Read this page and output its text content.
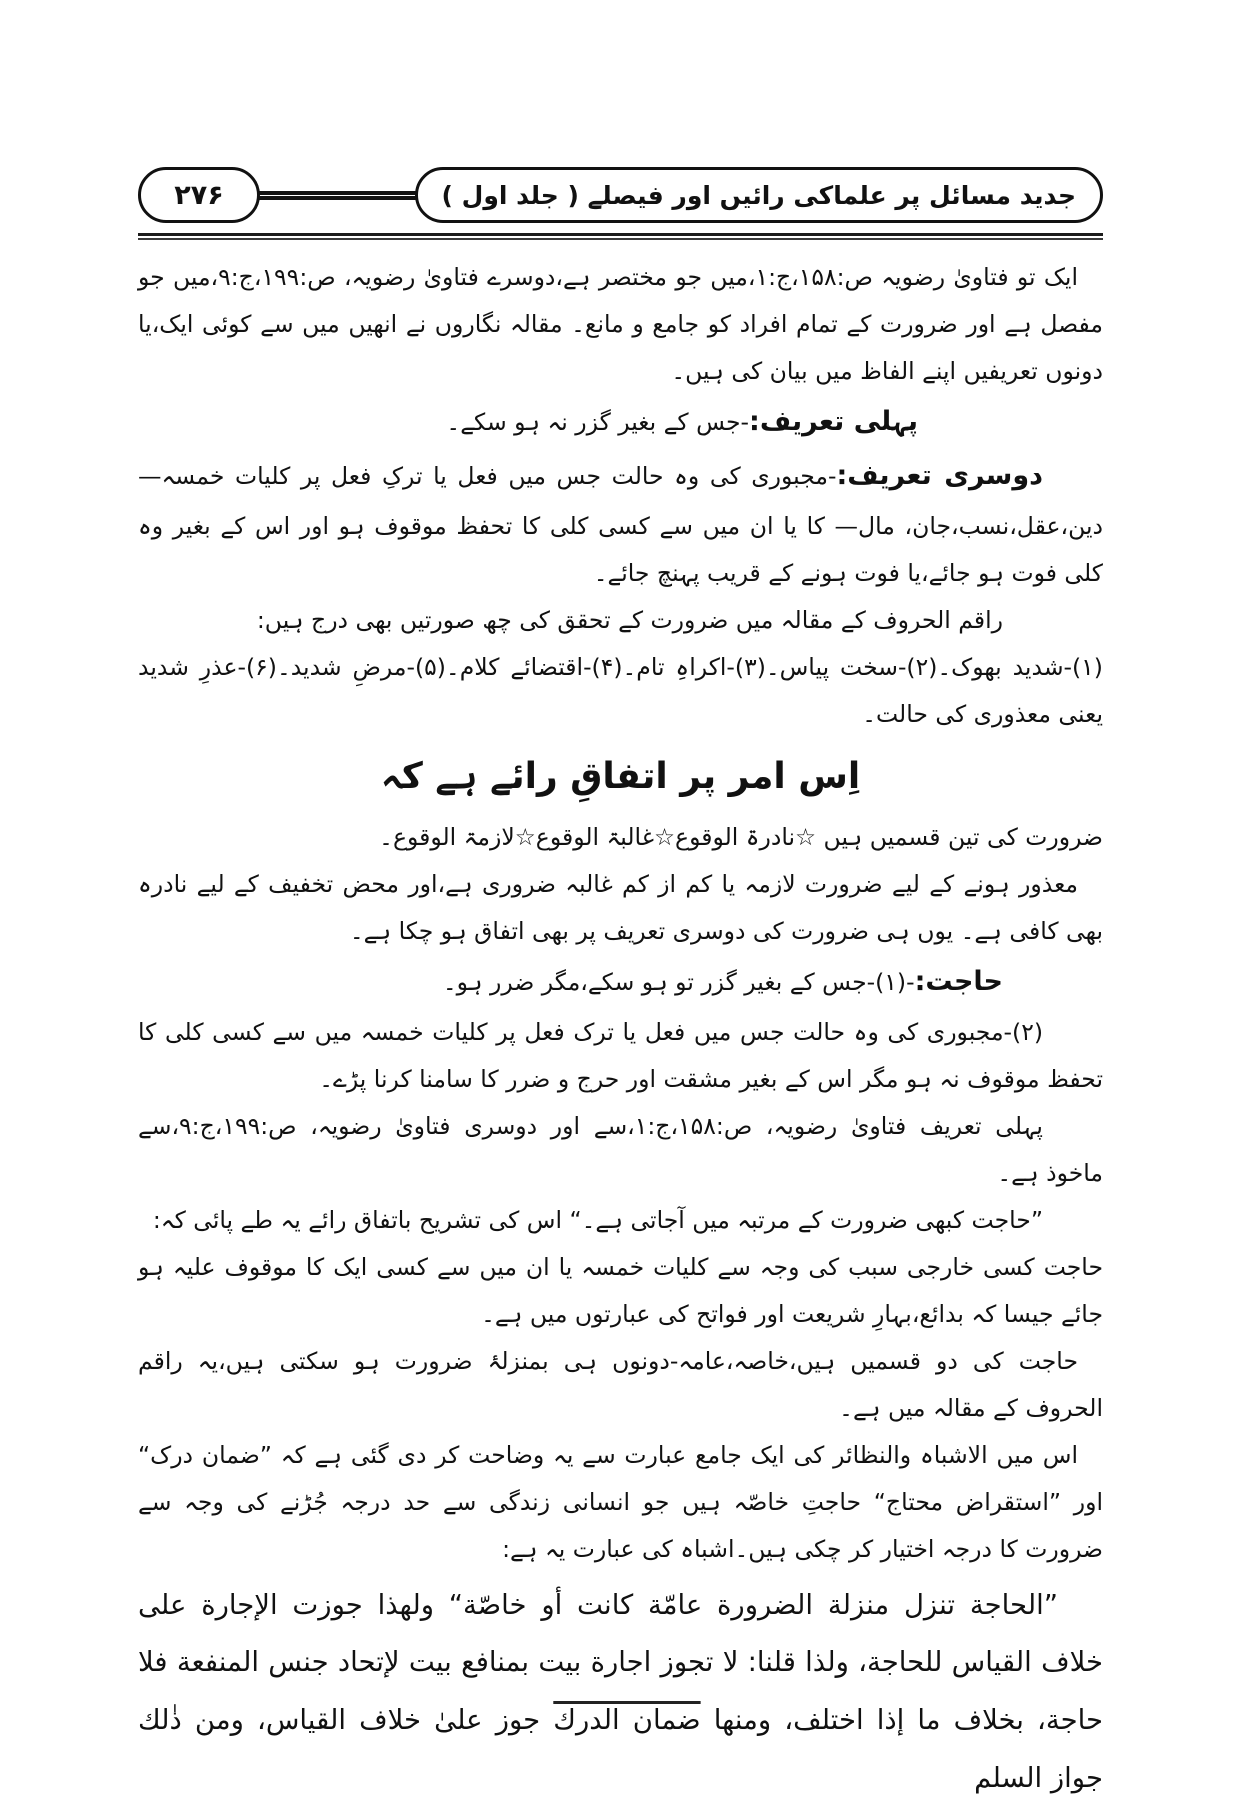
۲۷۶	جدید مسائل پر علماکی رائیں اور فیصلے ( جلد اول )

ایک تو فتاویٰ رضویہ ص:۱۵۸،ج:۱،میں جو مختصر ہے،دوسرے فتاویٰ رضویہ، ص:۱۹۹،ج:۹،میں جو مفصل ہے اور ضرورت کے تمام افراد کو جامع و مانع۔ مقالہ نگاروں نے انھیں میں سے کوئی ایک،یا دونوں تعریفیں اپنے الفاظ میں بیان کی ہیں۔

پہلی تعریف:-جس کے بغیر گزر نہ ہو سکے۔

دوسری تعریف:-مجبوری کی وہ حالت جس میں فعل یا ترکِ فعل پر کلیات خمسہ— دین،عقل،نسب،جان، مال— کا یا ان میں سے کسی کلی کا تحفظ موقوف ہو اور اس کے بغیر وہ کلی فوت ہو جائے،یا فوت ہونے کے قریب پہنچ جائے۔

راقم الحروف کے مقالہ میں ضرورت کے تحقق کی چھ صورتیں بھی درج ہیں:

(۱)-شدید بھوک۔(۲)-سخت پیاس۔(۳)-اکراہِ تام۔(۴)-اقتضائے کلام۔(۵)-مرضِ شدید۔(۶)-عذرِ شدید یعنی معذوری کی حالت۔

اِس امر پر اتفاقِ رائے ہے کہ

ضرورت کی تین قسمیں ہیں ☆نادرۃ الوقوع☆غالبۃ الوقوع☆لازمۃ الوقوع۔

معذور ہونے کے لیے ضرورت لازمہ یا کم از کم غالبہ ضروری ہے،اور محض تخفیف کے لیے نادرہ بھی کافی ہے۔ یوں ہی ضرورت کی دوسری تعریف پر بھی اتفاق ہو چکا ہے۔

حاجت:-(۱)-جس کے بغیر گزر تو ہو سکے،مگر ضرر ہو۔

(۲)-مجبوری کی وہ حالت جس میں فعل یا ترک فعل پر کلیات خمسہ میں سے کسی کلی کا تحفظ موقوف نہ ہو مگر اس کے بغیر مشقت اور حرج و ضرر کا سامنا کرنا پڑے۔

پہلی تعریف فتاویٰ رضویہ، ص:۱۵۸،ج:۱،سے اور دوسری فتاویٰ رضویہ، ص:۱۹۹،ج:۹،سے ماخوذ ہے۔

”حاجت کبھی ضرورت کے مرتبہ میں آجاتی ہے۔“ اس کی تشریح باتفاق رائے یہ طے پائی کہ:

حاجت کسی خارجی سبب کی وجہ سے کلیات خمسہ یا ان میں سے کسی ایک کا موقوف علیہ ہو جائے جیسا کہ بدائع،بہارِ شریعت اور فواتح کی عبارتوں میں ہے۔

حاجت کی دو قسمیں ہیں،خاصہ،عامہ-دونوں ہی بمنزلۂ ضرورت ہو سکتی ہیں،یہ راقم الحروف کے مقالہ میں ہے۔

اس میں الاشباہ والنظائر کی ایک جامع عبارت سے یہ وضاحت کر دی گئی ہے کہ ”ضمان درک“ اور ”استقراض محتاج“ حاجتِ خاصّہ ہیں جو انسانی زندگی سے حد درجہ جُڑنے کی وجہ سے ضرورت کا درجہ اختیار کر چکی ہیں۔اشباہ کی عبارت یہ ہے:

”الحاجة تنزل منزلة الضرورة عامّة كانت أو خاصّة“ ولهذا جوزت الإجارة على خلاف القياس للحاجة، ولذا قلنا: لا تجوز اجارة بيت بمنافع بيت لإتحاد جنس المنفعة فلا حاجة، بخلاف ما إذا اختلف، ومنها ضمان الدرك جوز علىٰ خلاف القياس، ومن ذٰلك جواز السلم
